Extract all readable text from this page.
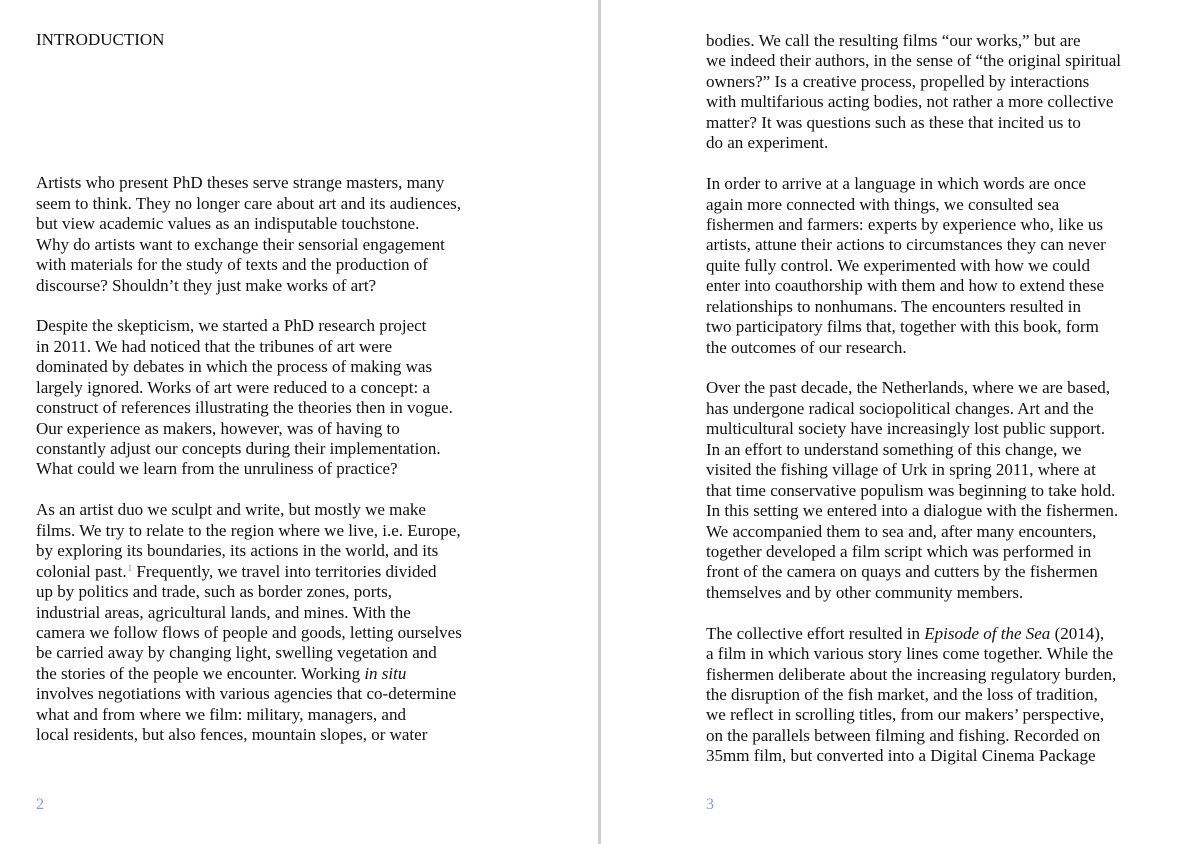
INTRODUCTION
Artists who present PhD theses serve strange masters, many
seem to think. They no longer care about art and its audiences,
but view academic values as an indisputable touchstone.
Why do artists want to exchange their sensorial engagement
with materials for the study of texts and the production of
discourse? Shouldn’t they just make works of art?
Despite the skepticism, we started a PhD research project
in 2011. We had noticed that the tribunes of art were
dominated by debates in which the process of making was
largely ignored. Works of art were reduced to a concept: a
construct of references illustrating the theories then in vogue.
Our experience as makers, however, was of having to
constantly adjust our concepts during their implementation.
What could we learn from the unruliness of practice?
As an artist duo we sculpt and write, but mostly we make
films. We try to relate to the region where we live, i.e. Europe,
by exploring its boundaries, its actions in the world, and its
colonial past.$^1$ Frequently, we travel into territories divided
up by politics and trade, such as border zones, ports,
industrial areas, agricultural lands, and mines. With the
camera we follow flows of people and goods, letting ourselves
be carried away by changing light, swelling vegetation and
the stories of the people we encounter. Working in situ
involves negotiations with various agencies that co-determine
what and from where we film: military, managers, and
local residents, but also fences, mountain slopes, or water
2
bodies. We call the resulting films “our works,” but are
we indeed their authors, in the sense of “the original spiritual
owners?” Is a creative process, propelled by interactions
with multifarious acting bodies, not rather a more collective
matter? It was questions such as these that incited us to
do an experiment.
In order to arrive at a language in which words are once
again more connected with things, we consulted sea
fishermen and farmers: experts by experience who, like us
artists, attune their actions to circumstances they can never
quite fully control. We experimented with how we could
enter into coauthorship with them and how to extend these
relationships to nonhumans. The encounters resulted in
two participatory films that, together with this book, form
the outcomes of our research.
Over the past decade, the Netherlands, where we are based,
has undergone radical sociopolitical changes. Art and the
multicultural society have increasingly lost public support.
In an effort to understand something of this change, we
visited the fishing village of Urk in spring 2011, where at
that time conservative populism was beginning to take hold.
In this setting we entered into a dialogue with the fishermen.
We accompanied them to sea and, after many encounters,
together developed a film script which was performed in
front of the camera on quays and cutters by the fishermen
themselves and by other community members.
The collective effort resulted in Episode of the Sea (2014),
a film in which various story lines come together. While the
fishermen deliberate about the increasing regulatory burden,
the disruption of the fish market, and the loss of tradition,
we reflect in scrolling titles, from our makers’ perspective,
on the parallels between filming and fishing. Recorded on
35mm film, but converted into a Digital Cinema Package
3
